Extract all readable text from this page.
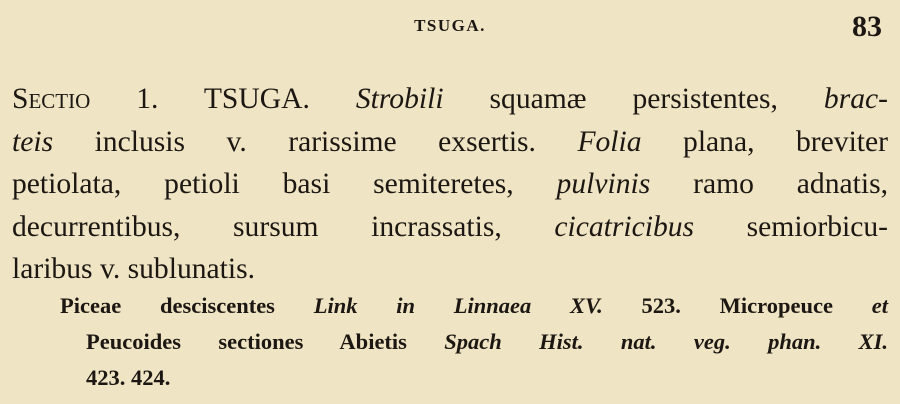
TSUGA.	83
Sectio 1. TSUGA. Strobili squamæ persistentes, brac-
teis inclusis v. rarissime exsertis. Folia plana, breviter
petiolata, petioli basi semiteretes, pulvinis ramo adnatis,
decurrentibus, sursum incrassatis, cicatricibus semiorbicu-
laribus v. sublunatis.
Piceae desciscentes Link in Linnaea XV. 523. Micropeuce et
Peucoides sectiones Abietis Spach Hist. nat. veg. phan. XI.
423. 424.
